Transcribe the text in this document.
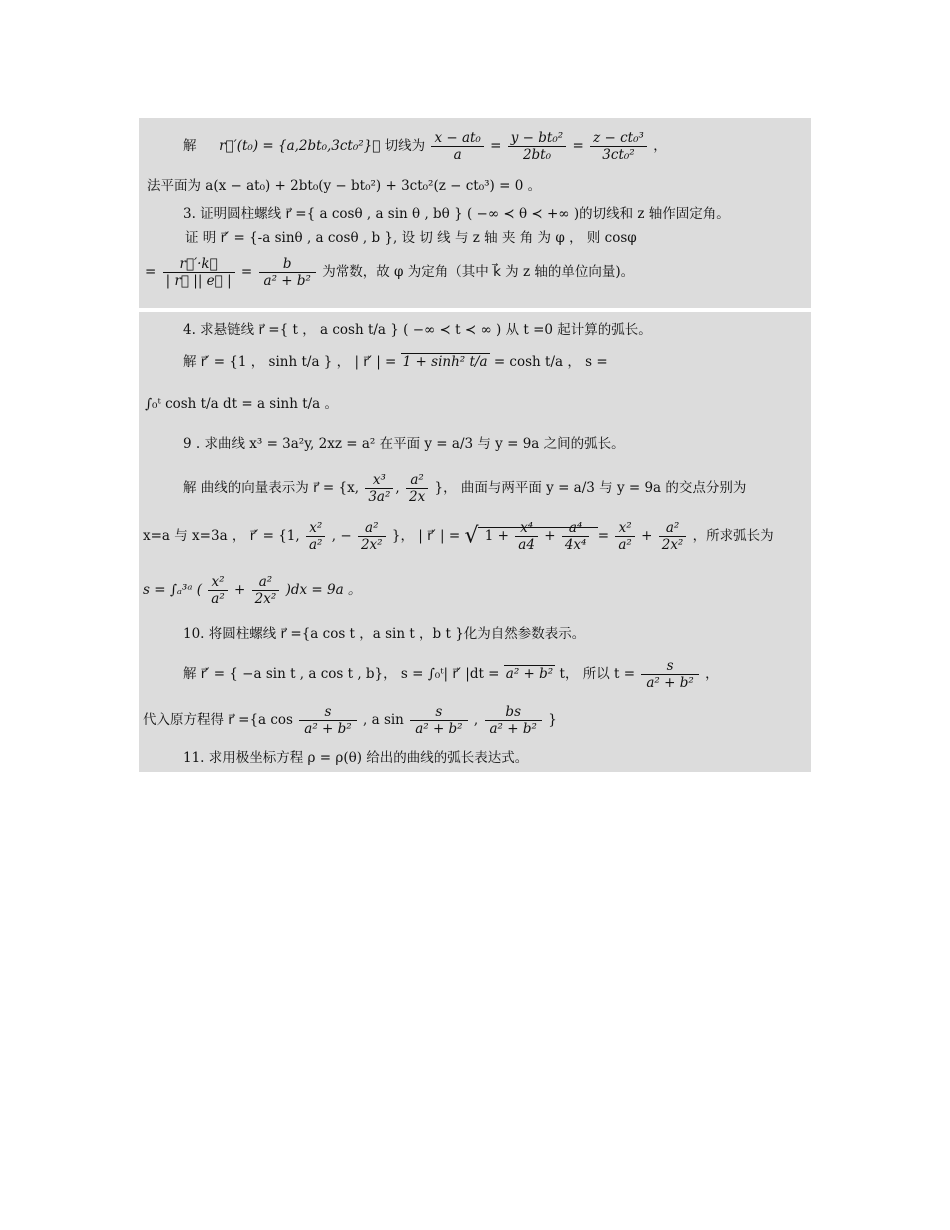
解 r⃗′(t₀) = {a,2bt₀,3ct₀²}， 切线为 $\frac{\text{x − at₀}}{a} = \frac{\text{y − bt₀²}}{\text{2bt₀}} = \frac{\text{z − ct₀³}}{\text{3ct₀²}}$ ，
法平面为 a(x − at₀) + 2bt₀(y − bt₀²) + 3ct₀²(z − ct₀³) = 0 。
3. 证明圆柱螺线 r⃗ ={ a cosθ , a sin θ , bθ } ( −∞ ≺ θ ≺ +∞ )的切线和 z 轴作固定角。
证 明 r⃗′ = {-a sinθ , a cosθ , b }, 设 切 线 与 z 轴 夹 角 为 φ ， 则 cosφ
= $\frac{r⃗'\cdot k⃗}{| r⃗ || e⃗ |} = \frac{b}{\text{a² + b²}}$ 为常数，故 φ 为定角（其中 k⃗ 为 z 轴的单位向量)。
4. 求悬链线 r⃗ ={ t ， a cosh t/a } ( −∞ ≺ t ≺ ∞ ) 从 t =0 起计算的弧长。
解 r⃗′ = {1 ， sinh t/a } ， | r⃗′ | = 1 + sinh² t/a = cosh t/a ， s =
∫₀ᵗ cosh t/a dt = a sinh t/a 。
9 . 求曲线 x³ = 3a²y, 2xz = a² 在平面 y = a/3 与 y = 9a 之间的弧长。
解 曲线的向量表示为 r⃗ = {x, $\frac{\text{x³}}{\text{3a²}}$ , $\frac{\text{a²}}{2x}$ }， 曲面与两平面 y = a/3 与 y = 9a 的交点分别为
x=a 与 x=3a ， r⃗′ = {1, $\frac{\text{x²}}{\text{a²}}$ , − $\frac{\text{a²}}{\text{2x²}}$ }， | r⃗′ | = √ $1 + \frac{\text{x⁴}}{a4} + \frac{\text{a⁴}}{\text{4x⁴}} = \frac{\text{x²}}{\text{a²}} + \frac{\text{a²}}{\text{2x²}}$ ，所求弧长为
s = ∫ₐ³ᵃ ( $\frac{\text{x²}}{\text{a²}} + \frac{\text{a²}}{\text{2x²}} )dx = 9a$ 。
10. 将圆柱螺线 r⃗ ={a cos t ，a sin t ，b t }化为自然参数表示。
解 r⃗′ = { −a sin t , a cos t , b}， s = ∫₀ᵗ| r⃗′ |dt = a² + b² t， 所以 $t = \frac{s}{\text{a² + b²}}$ ，
代入原方程得 r⃗ ={a $\cos \frac{s}{\text{a² + b²}}$ , a $\sin \frac{s}{\text{a² + b²}}$ , $\frac{bs}{\text{a² + b²}}$ }
11. 求用极坐标方程 ρ = ρ(θ) 给出的曲线的弧长表达式。
